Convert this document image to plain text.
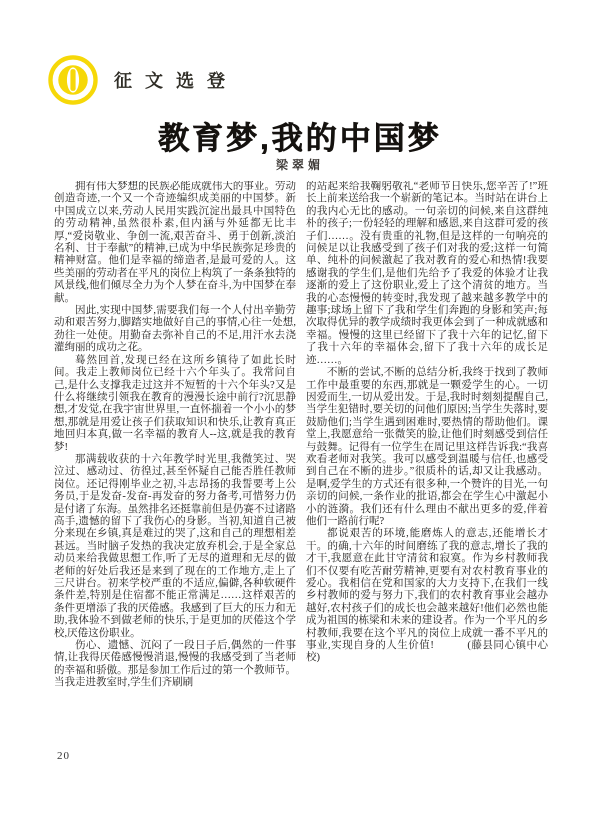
征文选登
教育梦,我的中国梦
梁翠媚

拥有伟大梦想的民族必能成就伟大的事业。劳动创造奇迹,一个又一个奇迹编织成美丽的中国梦。新中国成立以来,劳动人民用实践沉淀出最具中国特色的劳动精神,虽然很朴素,但内涵与外延都无比丰厚,“爱岗敬业、争创一流,艰苦奋斗、勇于创新,淡泊名利、甘于奉献”的精神,已成为中华民族弥足珍贵的精神财富。他们是幸福的缔造者,是最可爱的人。这些美丽的劳动者在平凡的岗位上构筑了一条条独特的风景线,他们倾尽全力为个人梦在奋斗,为中国梦在奉献。

因此,实现中国梦,需要我们每一个人付出辛勤劳动和艰苦努力,脚踏实地做好自己的事情,心往一处想,劲往一处使。用勤奋去弥补自己的不足,用汗水去浇灌绚丽的成功之花。

蓦然回首,发现已经在这所乡镇待了如此长时间。我走上教师岗位已经十六个年头了。我常问自己,是什么支撑我走过这并不短暂的十六个年头?又是什么将继续引领我在教育的漫漫长途中前行?沉思静想,才发觉,在我宇宙世界里,一直怀揣着一个小小的梦想,那就是用爱让孩子们获取知识和快乐,让教育真正地回归本真,做一名幸福的教育人--这,就是我的教育梦!

那满载收获的十六年教学时光里,我微笑过、哭泣过、感动过、彷徨过,甚至怀疑自己能否胜任教师岗位。还记得刚毕业之初,斗志昂扬的我誓要考上公务员,于是发奋-发奋-再发奋的努力备考,可惜努力仍是付诸了东海。虽然排名还挺靠前但是仍赛不过诸路高手,遗憾的留下了我伤心的身影。当初,知道自己被分来现在乡镇,真是难过的哭了,这和自己的理想相差甚远。当时脑子发热的我决定放弃机会,于是全家总动员来给我做思想工作,听了无尽的道理和无尽的做老师的好处后我还是来到了现在的工作地方,走上了三尺讲台。初来学校严重的不适应,偏僻,各种软硬件条件差,特别是住宿都不能正常满足……这样艰苦的条件更增添了我的厌倦感。我感到了巨大的压力和无助,我体验不到做老师的快乐,于是更加的厌倦这个学校,厌倦这份职业。

伤心、遗憾、沉闷了一段日子后,偶然的一件事情,让我得厌倦感慢慢消退,慢慢的我感受到了当老师的幸福和骄傲。那是参加工作后过的第一个教师节。当我走进教室时,学生们齐刷刷

的站起来给我鞠躬敬礼“老师节日快乐,您辛苦了!”班长上前来送给我一个崭新的笔记本。当时站在讲台上的我内心无比的感动。一句亲切的问候,来自这群纯朴的孩子;一份轻轻的理解和感恩,来自这群可爱的孩子们……。没有贵重的礼物,但是这样的一句响亮的问候足以让我感受到了孩子们对我的爱;这样一句简单、纯朴的问候激起了我对教育的爱心和热情!我要感谢我的学生们,是他们先给予了我爱的体验才让我逐渐的爱上了这份职业,爱上了这个清贫的地方。当我的心态慢慢的转变时,我发现了越来越多教学中的趣事;球场上留下了我和学生们奔跑的身影和笑声;每次取得优异的教学成绩时我更体会到了一种成就感和幸福。慢慢的这里已经留下了我十六年的记忆,留下了我十六年的幸福体会,留下了我十六年的成长足迹……。

不断的尝试,不断的总结分析,我终于找到了教师工作中最重要的东西,那就是一颗爱学生的心。一切因爱而生,一切从爱出发。于是,我时时刻刻提醒自己,当学生犯错时,要关切的问他们原因;当学生失落时,要鼓励他们;当学生遇到困难时,要热情的帮助他们。课堂上,我愿意给一张微笑的脸,让他们时刻感受到信任与鼓舞。记得有一位学生在周记里这样告诉我:“我喜欢看老师对我笑。我可以感受到温暖与信任,也感受到自己在不断的进步。”很质朴的话,却又让我感动。是啊,爱学生的方式还有很多种,一个赞许的目光,一句亲切的问候,一条作业的批语,都会在学生心中激起小小的涟漪。我们还有什么理由不献出更多的爱,伴着他们一路前行呢?

都说艰苦的环境,能磨炼人的意志,还能增长才干。的确,十六年的时间磨练了我的意志,增长了我的才干,我愿意在此甘守清贫和寂寞。作为乡村教师我们不仅要有吃苦耐劳精神,更要有对农村教育事业的爱心。我相信在党和国家的大力支持下,在我们一线乡村教师的爱与努力下,我们的农村教育事业会越办越好,农村孩子们的成长也会越来越好!他们必然也能成为祖国的栋梁和未来的建设者。作为一个平凡的乡村教师,我要在这个平凡的岗位上成就一番不平凡的事业,实现自身的人生价值!　　　(藤县同心镇中心校)

20
